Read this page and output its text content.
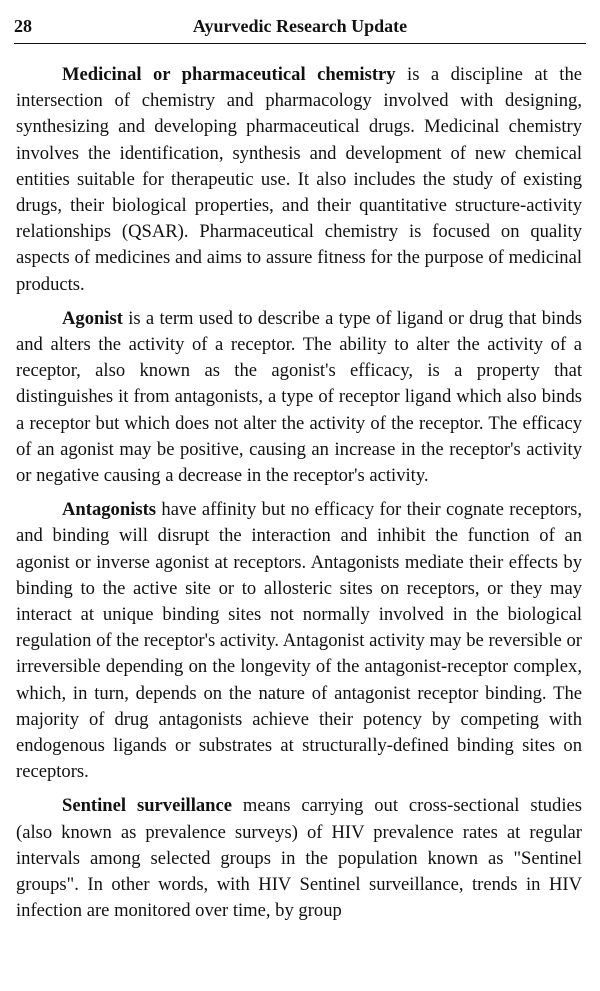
28	Ayurvedic Research Update

Medicinal or pharmaceutical chemistry is a discipline at the intersection of chemistry and pharmacology involved with designing, synthesizing and developing pharmaceutical drugs. Medicinal chemistry involves the identification, synthesis and development of new chemical entities suitable for therapeutic use. It also includes the study of existing drugs, their biological properties, and their quantitative structure-activity relationships (QSAR). Pharmaceutical chemistry is focused on quality aspects of medicines and aims to assure fitness for the purpose of medicinal products.

Agonist is a term used to describe a type of ligand or drug that binds and alters the activity of a receptor. The ability to alter the activity of a receptor, also known as the agonist's efficacy, is a property that distinguishes it from antagonists, a type of receptor ligand which also binds a receptor but which does not alter the activity of the receptor. The efficacy of an agonist may be positive, causing an increase in the receptor's activity or negative causing a decrease in the receptor's activity.

Antagonists have affinity but no efficacy for their cognate receptors, and binding will disrupt the interaction and inhibit the function of an agonist or inverse agonist at receptors. Antagonists mediate their effects by binding to the active site or to allosteric sites on receptors, or they may interact at unique binding sites not normally involved in the biological regulation of the receptor's activity. Antagonist activity may be reversible or irreversible depending on the longevity of the antagonist-receptor complex, which, in turn, depends on the nature of antagonist receptor binding. The majority of drug antagonists achieve their potency by competing with endogenous ligands or substrates at structurally-defined binding sites on receptors.

Sentinel surveillance means carrying out cross-sectional studies (also known as prevalence surveys) of HIV prevalence rates at regular intervals among selected groups in the population known as "Sentinel groups". In other words, with HIV Sentinel surveillance, trends in HIV infection are monitored over time, by group
